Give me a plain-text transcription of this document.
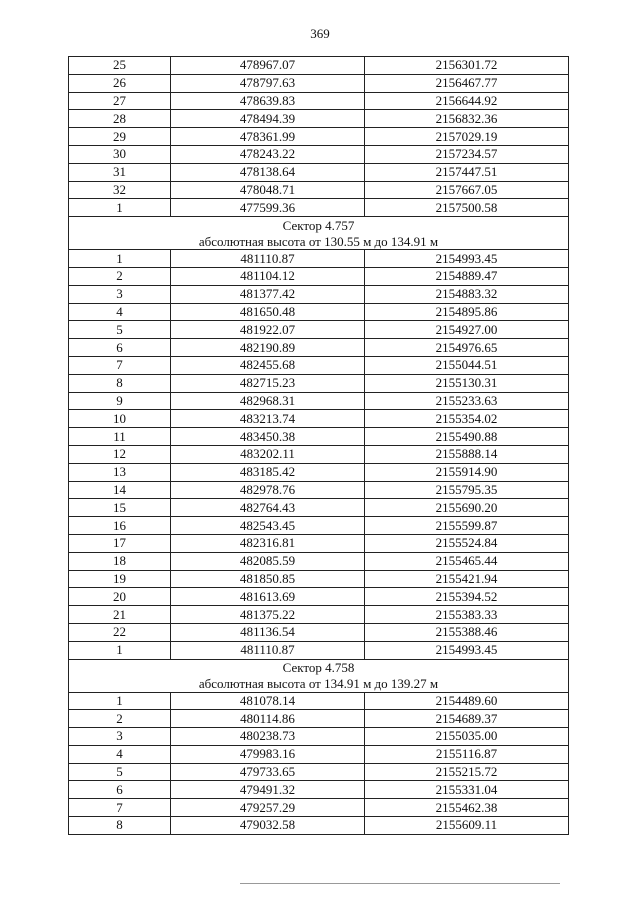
369
25	478967.07	2156301.72
26	478797.63	2156467.77
27	478639.83	2156644.92
28	478494.39	2156832.36
29	478361.99	2157029.19
30	478243.22	2157234.57
31	478138.64	2157447.51
32	478048.71	2157667.05
1	477599.36	2157500.58
Сектор 4.757		
абсолютная высота от 130.55 м до 134.91 м		
1	481110.87	2154993.45
2	481104.12	2154889.47
3	481377.42	2154883.32
4	481650.48	2154895.86
5	481922.07	2154927.00
6	482190.89	2154976.65
7	482455.68	2155044.51
8	482715.23	2155130.31
9	482968.31	2155233.63
10	483213.74	2155354.02
11	483450.38	2155490.88
12	483202.11	2155888.14
13	483185.42	2155914.90
14	482978.76	2155795.35
15	482764.43	2155690.20
16	482543.45	2155599.87
17	482316.81	2155524.84
18	482085.59	2155465.44
19	481850.85	2155421.94
20	481613.69	2155394.52
21	481375.22	2155383.33
22	481136.54	2155388.46
1	481110.87	2154993.45
Сектор 4.758		
абсолютная высота от 134.91 м до 139.27 м		
1	481078.14	2154489.60
2	480114.86	2154689.37
3	480238.73	2155035.00
4	479983.16	2155116.87
5	479733.65	2155215.72
6	479491.32	2155331.04
7	479257.29	2155462.38
8	479032.58	2155609.11
